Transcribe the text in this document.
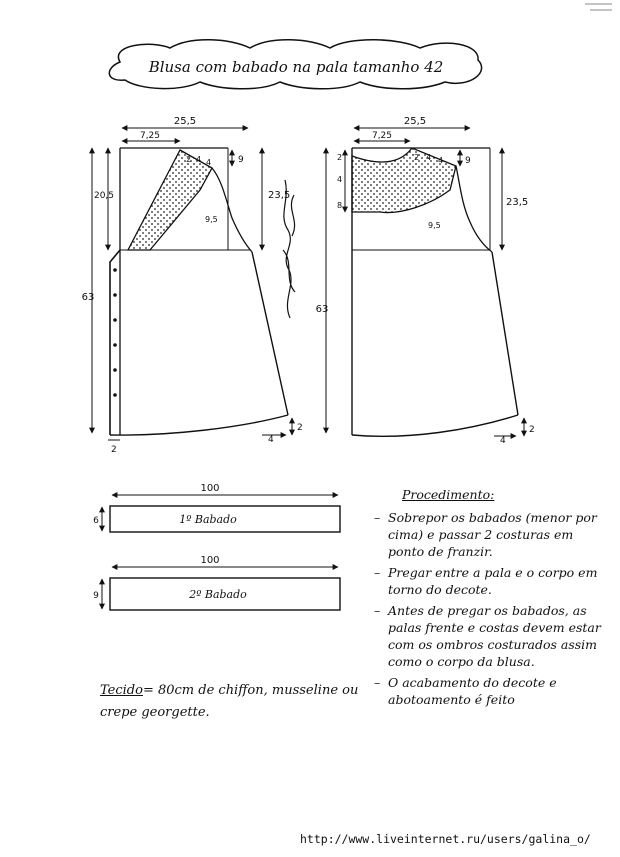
Blusa com babado na pala tamanho 42
25,5
7,25
20,5
63
23,5
9
2 4 4
9,5
4
2
2
25,5
7,25
2
4
8
63
23,5
9
2 4 4
9,5
4
2
100
6	1º Babado
100
9	2º Babado
Tecido= 80cm de chiffon, musseline ou crepe georgette.
Procedimento:
– Sobrepor os babados (menor por cima) e passar 2 costuras em ponto de franzir.
– Pregar entre a pala e o corpo em torno do decote.
– Antes de pregar os babados, as palas frente e costas devem estar com os ombros costurados assim como o corpo da blusa.
– O acabamento do decote e abotoamento é feito
http://www.liveinternet.ru/users/galina_o/
